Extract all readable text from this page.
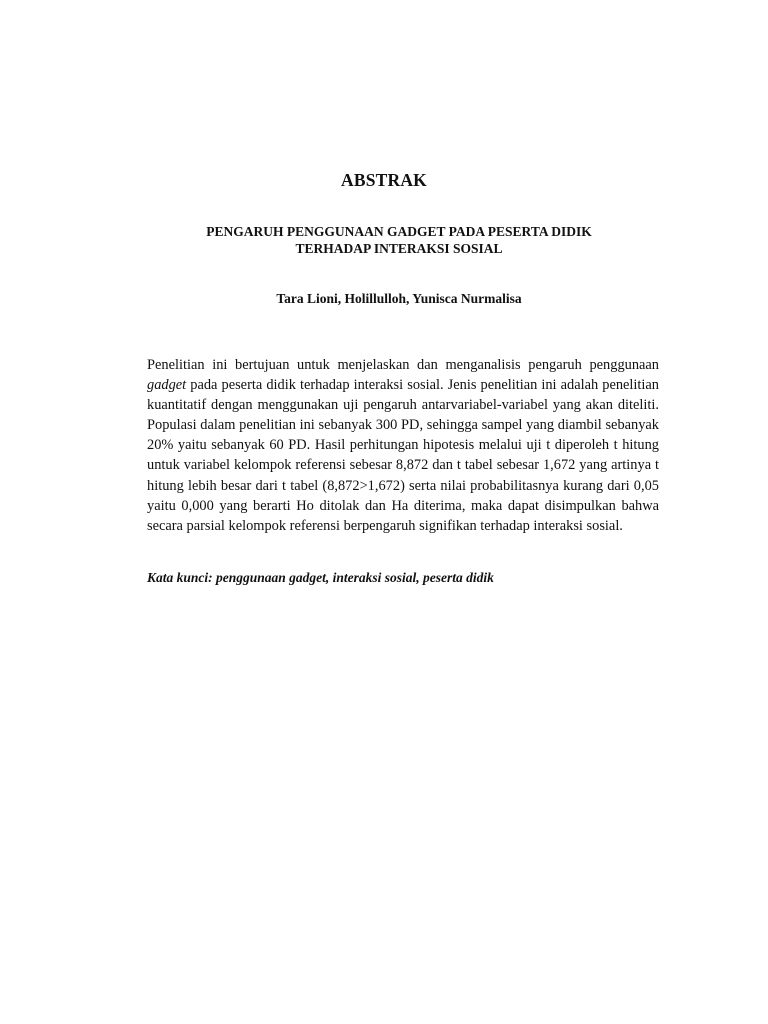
ABSTRAK
PENGARUH PENGGUNAAN GADGET PADA PESERTA DIDIK
TERHADAP INTERAKSI SOSIAL

Tara Lioni, Holillulloh, Yunisca Nurmalisa

Penelitian ini bertujuan untuk menjelaskan dan menganalisis pengaruh penggunaan gadget pada peserta didik terhadap interaksi sosial. Jenis penelitian ini adalah penelitian kuantitatif dengan menggunakan uji pengaruh antarvariabel-variabel yang akan diteliti. Populasi dalam penelitian ini sebanyak 300 PD, sehingga sampel yang diambil sebanyak 20% yaitu sebanyak 60 PD. Hasil perhitungan hipotesis melalui uji t diperoleh t hitung untuk variabel kelompok referensi sebesar 8,872 dan t tabel sebesar 1,672 yang artinya t hitung lebih besar dari t tabel (8,872>1,672) serta nilai probabilitasnya kurang dari 0,05 yaitu 0,000 yang berarti Ho ditolak dan Ha diterima, maka dapat disimpulkan bahwa secara parsial kelompok referensi berpengaruh signifikan terhadap interaksi sosial.

Kata kunci: penggunaan gadget, interaksi sosial, peserta didik
